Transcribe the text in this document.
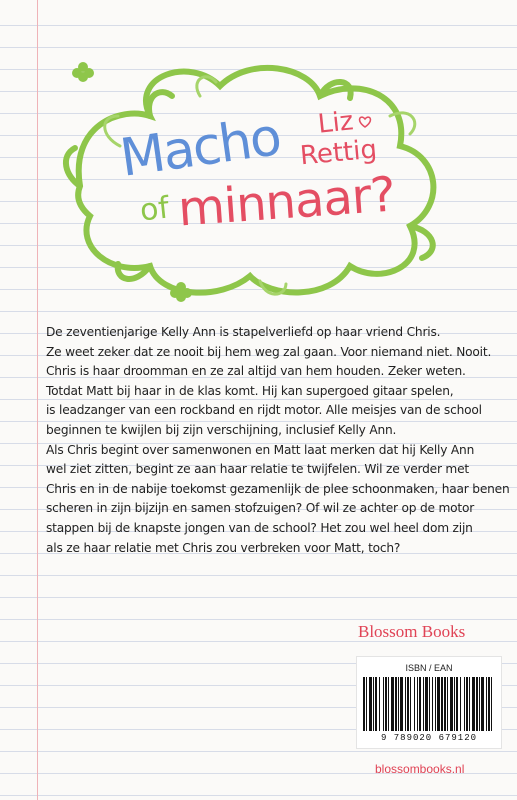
Macho
of minnaar?
Liz
Rettig
De zeventienjarige Kelly Ann is stapelverliefd op haar vriend Chris.
Ze weet zeker dat ze nooit bij hem weg zal gaan. Voor niemand niet. Nooit.
Chris is haar droomman en ze zal altijd van hem houden. Zeker weten.
Totdat Matt bij haar in de klas komt. Hij kan supergoed gitaar spelen,
is leadzanger van een rockband en rijdt motor. Alle meisjes van de school
beginnen te kwijlen bij zijn verschijning, inclusief Kelly Ann.
Als Chris begint over samenwonen en Matt laat merken dat hij Kelly Ann
wel ziet zitten, begint ze aan haar relatie te twijfelen. Wil ze verder met
Chris en in de nabije toekomst gezamenlijk de plee schoonmaken, haar benen
scheren in zijn bijzijn en samen stofzuigen? Of wil ze achter op de motor
stappen bij de knapste jongen van de school? Het zou wel heel dom zijn
als ze haar relatie met Chris zou verbreken voor Matt, toch?
Blossom Books
ISBN / EAN
9 789020 679120
blossombooks.nl
